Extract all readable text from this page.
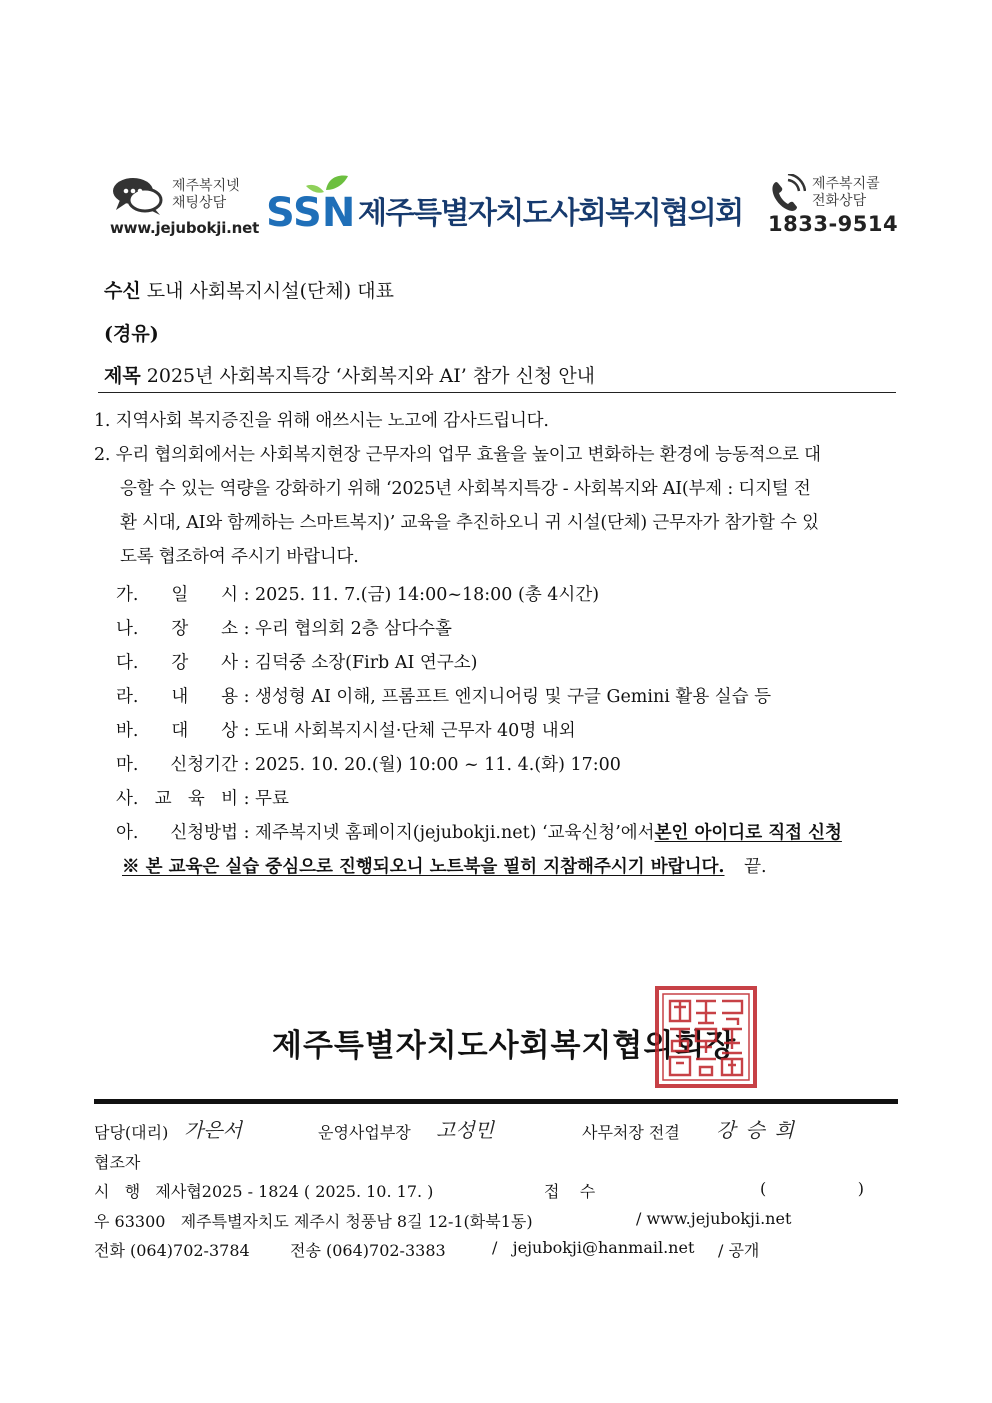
제주복지넷
채팅상담
www.jejubokji.net SSN 제주특별자치도사회복지협의회
제주복지콜
전화상담
1833-9514
수신 도내 사회복지시설(단체) 대표
(경유)
제목 2025년 사회복지특강 ‘사회복지와 AI’ 참가 신청 안내
1. 지역사회 복지증진을 위해 애쓰시는 노고에 감사드립니다.
2. 우리 협의회에서는 사회복지현장 근무자의 업무 효율을 높이고 변화하는 환경에 능동적으로 대
응할 수 있는 역량을 강화하기 위해 ‘2025년 사회복지특강 - 사회복지와 AI(부제 : 디지털 전
환 시대, AI와 함께하는 스마트복지)’ 교육을 추진하오니 귀 시설(단체) 근무자가 참가할 수 있
도록 협조하여 주시기 바랍니다.
가. 일 시 : 2025. 11. 7.(금) 14:00~18:00 (총 4시간)
나. 장 소 : 우리 협의회 2층 삼다수홀
다. 강 사 : 김덕중 소장(Firb AI 연구소)
라. 내 용 : 생성형 AI 이해, 프롬프트 엔지니어링 및 구글 Gemini 활용 실습 등
바. 대 상 : 도내 사회복지시설·단체 근무자 40명 내외
마. 신청기간 : 2025. 10. 20.(월) 10:00 ~ 11. 4.(화) 17:00
사. 교 육 비 : 무료
아. 신청방법 : 제주복지넷 홈페이지(jejubokji.net) ‘교육신청’에서본인 아이디로 직접 신청
※ 본 교육은 실습 중심으로 진행되오니 노트북을 필히 지참해주시기 바랍니다. 끝.
제주특별자치도사회복지협의회장
담당(대리) 가은서	운영사업부장 고성민	사무처장 전결 강승희
협조자
시   행   제사협2025 - 1824 ( 2025. 10. 17. )	접    수	(                  )
우 63300   제주특별자치도 제주시 청풍남 8길 12-1(화북1동)	/ www.jejubokji.net
전화 (064)702-3784	전송 (064)702-3383	/   jejubokji@hanmail.net / 공개
